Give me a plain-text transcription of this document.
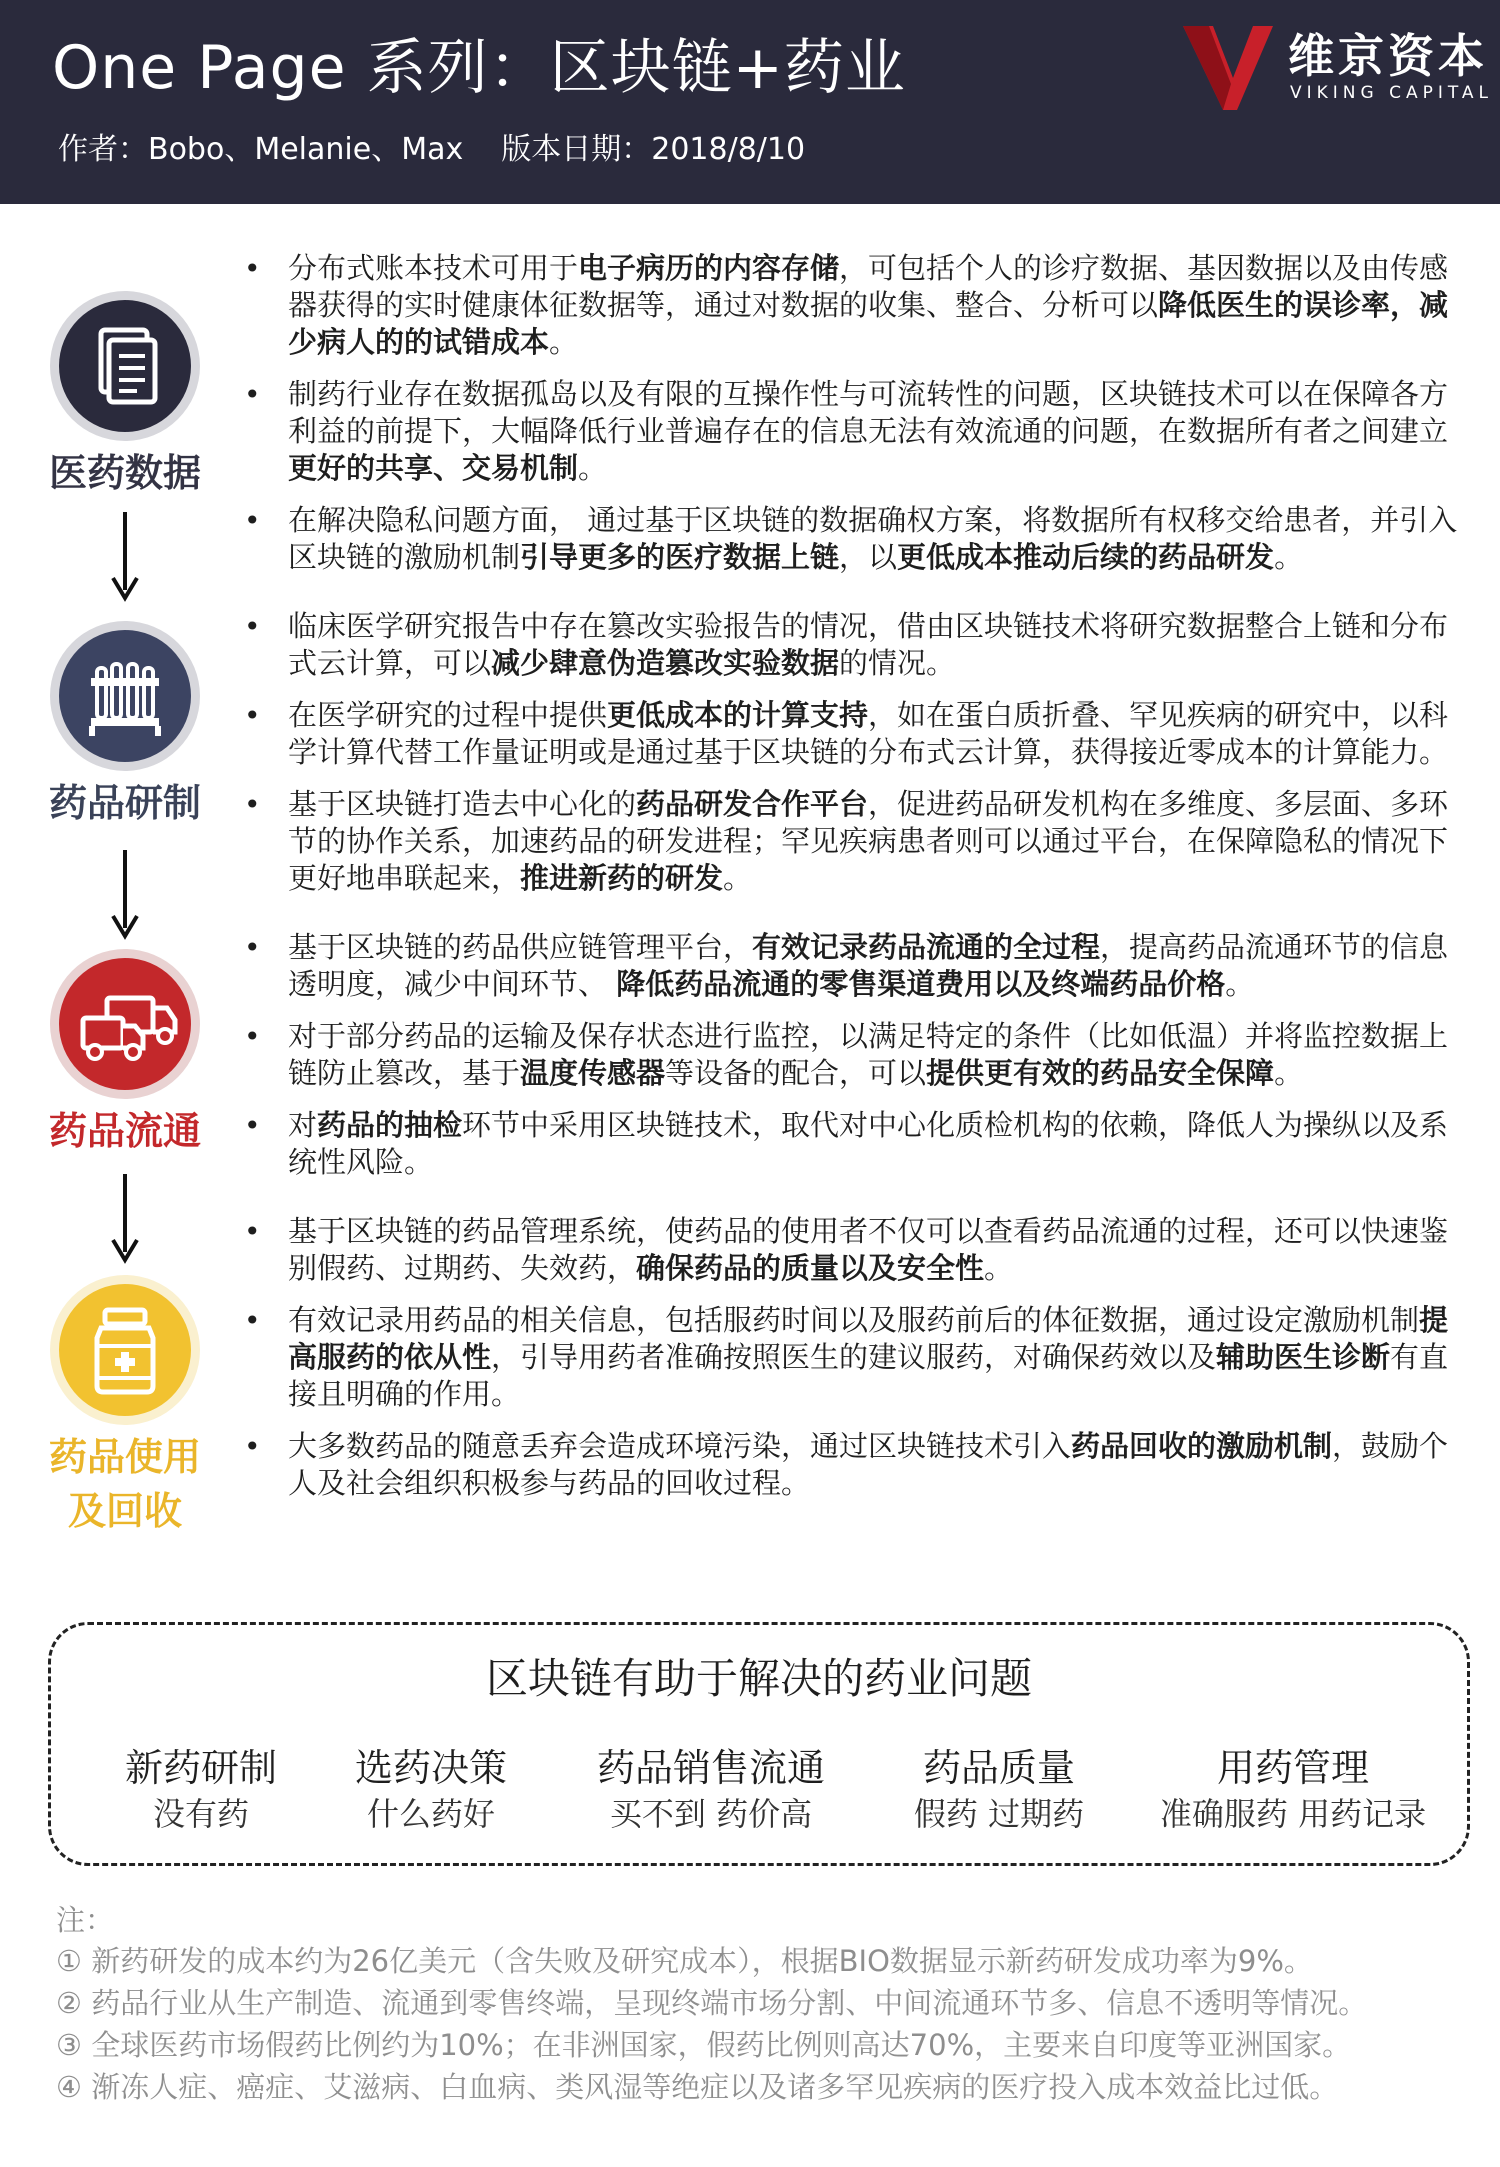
One Page 系列：区块链+药业
作者：Bobo、Melanie、Max 版本日期：2018/8/10
维京资本
VIKING CAPITAL
医药数据
药品研制
药品流通
药品使用
及回收
• 分布式账本技术可用于电子病历的内容存储，可包括个人的诊疗数据、基因数据以及由传感器获得的实时健康体征数据等，通过对数据的收集、整合、分析可以降低医生的误诊率，减少病人的的试错成本。
• 制药行业存在数据孤岛以及有限的互操作性与可流转性的问题，区块链技术可以在保障各方利益的前提下，大幅降低行业普遍存在的信息无法有效流通的问题，在数据所有者之间建立更好的共享、交易机制。
• 在解决隐私问题方面， 通过基于区块链的数据确权方案，将数据所有权移交给患者，并引入区块链的激励机制引导更多的医疗数据上链，以更低成本推动后续的药品研发。
• 临床医学研究报告中存在篡改实验报告的情况，借由区块链技术将研究数据整合上链和分布式云计算，可以减少肆意伪造篡改实验数据的情况。
• 在医学研究的过程中提供更低成本的计算支持，如在蛋白质折叠、罕见疾病的研究中，以科学计算代替工作量证明或是通过基于区块链的分布式云计算，获得接近零成本的计算能力。
• 基于区块链打造去中心化的药品研发合作平台，促进药品研发机构在多维度、多层面、多环节的协作关系，加速药品的研发进程；罕见疾病患者则可以通过平台，在保障隐私的情况下更好地串联起来，推进新药的研发。
• 基于区块链的药品供应链管理平台，有效记录药品流通的全过程，提高药品流通环节的信息透明度，减少中间环节、 降低药品流通的零售渠道费用以及终端药品价格。
• 对于部分药品的运输及保存状态进行监控，以满足特定的条件（比如低温）并将监控数据上链防止篡改，基于温度传感器等设备的配合，可以提供更有效的药品安全保障。
• 对药品的抽检环节中采用区块链技术，取代对中心化质检机构的依赖，降低人为操纵以及系统性风险。
• 基于区块链的药品管理系统，使药品的使用者不仅可以查看药品流通的过程，还可以快速鉴别假药、过期药、失效药，确保药品的质量以及安全性。
• 有效记录用药品的相关信息，包括服药时间以及服药前后的体征数据，通过设定激励机制提高服药的依从性，引导用药者准确按照医生的建议服药，对确保药效以及辅助医生诊断有直接且明确的作用。
• 大多数药品的随意丢弃会造成环境污染，通过区块链技术引入药品回收的激励机制，鼓励个人及社会组织积极参与药品的回收过程。
区块链有助于解决的药业问题
新药研制
没有药
选药决策
什么药好
药品销售流通
买不到 药价高
药品质量
假药 过期药
用药管理
准确服药 用药记录
注：
① 新药研发的成本约为26亿美元（含失败及研究成本），根据BIO数据显示新药研发成功率为9%。
② 药品行业从生产制造、流通到零售终端，呈现终端市场分割、中间流通环节多、信息不透明等情况。
③ 全球医药市场假药比例约为10%；在非洲国家，假药比例则高达70%，主要来自印度等亚洲国家。
④ 渐冻人症、癌症、艾滋病、白血病、类风湿等绝症以及诸多罕见疾病的医疗投入成本效益比过低。
